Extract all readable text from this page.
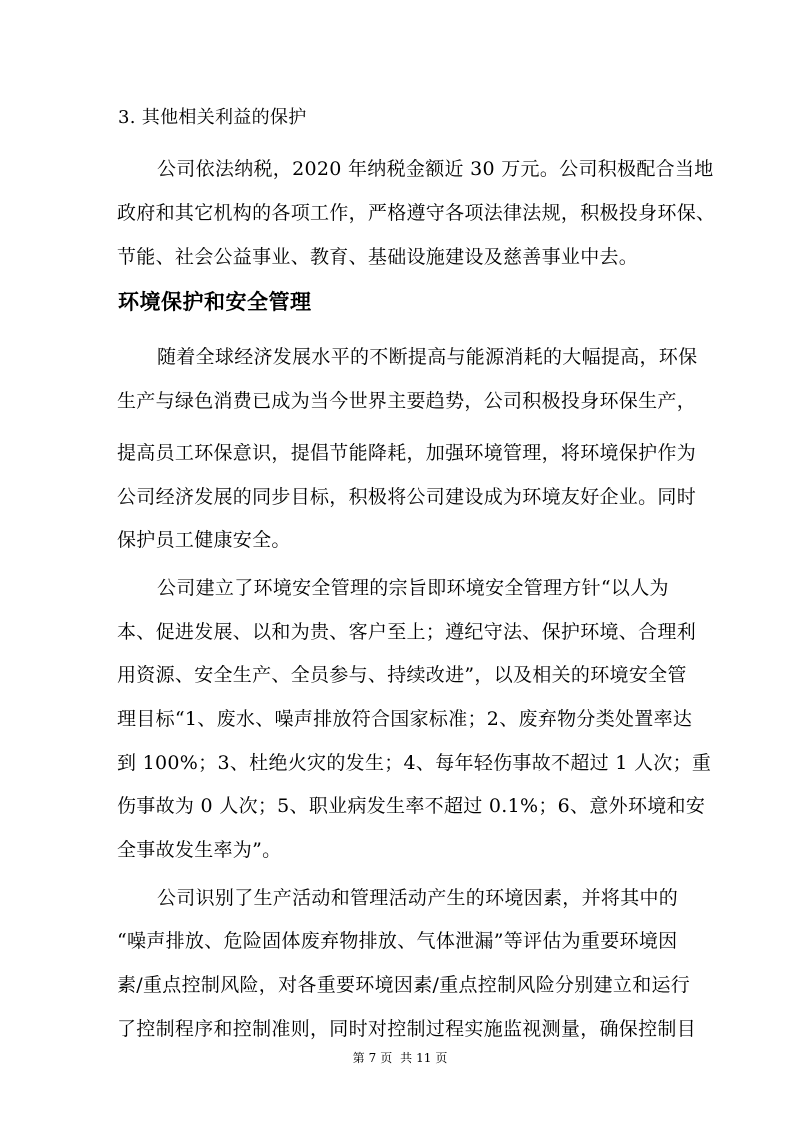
3. 其他相关利益的保护
公司依法纳税，2020 年纳税金额近 30 万元。公司积极配合当地
政府和其它机构的各项工作，严格遵守各项法律法规，积极投身环保、
节能、社会公益事业、教育、基础设施建设及慈善事业中去。
环境保护和安全管理
随着全球经济发展水平的不断提高与能源消耗的大幅提高，环保
生产与绿色消费已成为当今世界主要趋势，公司积极投身环保生产，
提高员工环保意识，提倡节能降耗，加强环境管理，将环境保护作为
公司经济发展的同步目标，积极将公司建设成为环境友好企业。同时
保护员工健康安全。
公司建立了环境安全管理的宗旨即环境安全管理方针“以人为
本、促进发展、以和为贵、客户至上；遵纪守法、保护环境、合理利
用资源、安全生产、全员参与、持续改进”，以及相关的环境安全管
理目标“1、废水、噪声排放符合国家标准；2、废弃物分类处置率达
到 100%；3、杜绝火灾的发生；4、每年轻伤事故不超过 1 人次；重
伤事故为 0 人次；5、职业病发生率不超过 0.1%；6、意外环境和安
全事故发生率为”。
公司识别了生产活动和管理活动产生的环境因素，并将其中的
“噪声排放、危险固体废弃物排放、气体泄漏”等评估为重要环境因
素/重点控制风险，对各重要环境因素/重点控制风险分别建立和运行
了控制程序和控制准则，同时对控制过程实施监视测量，确保控制目
第 7 页 共 11 页
